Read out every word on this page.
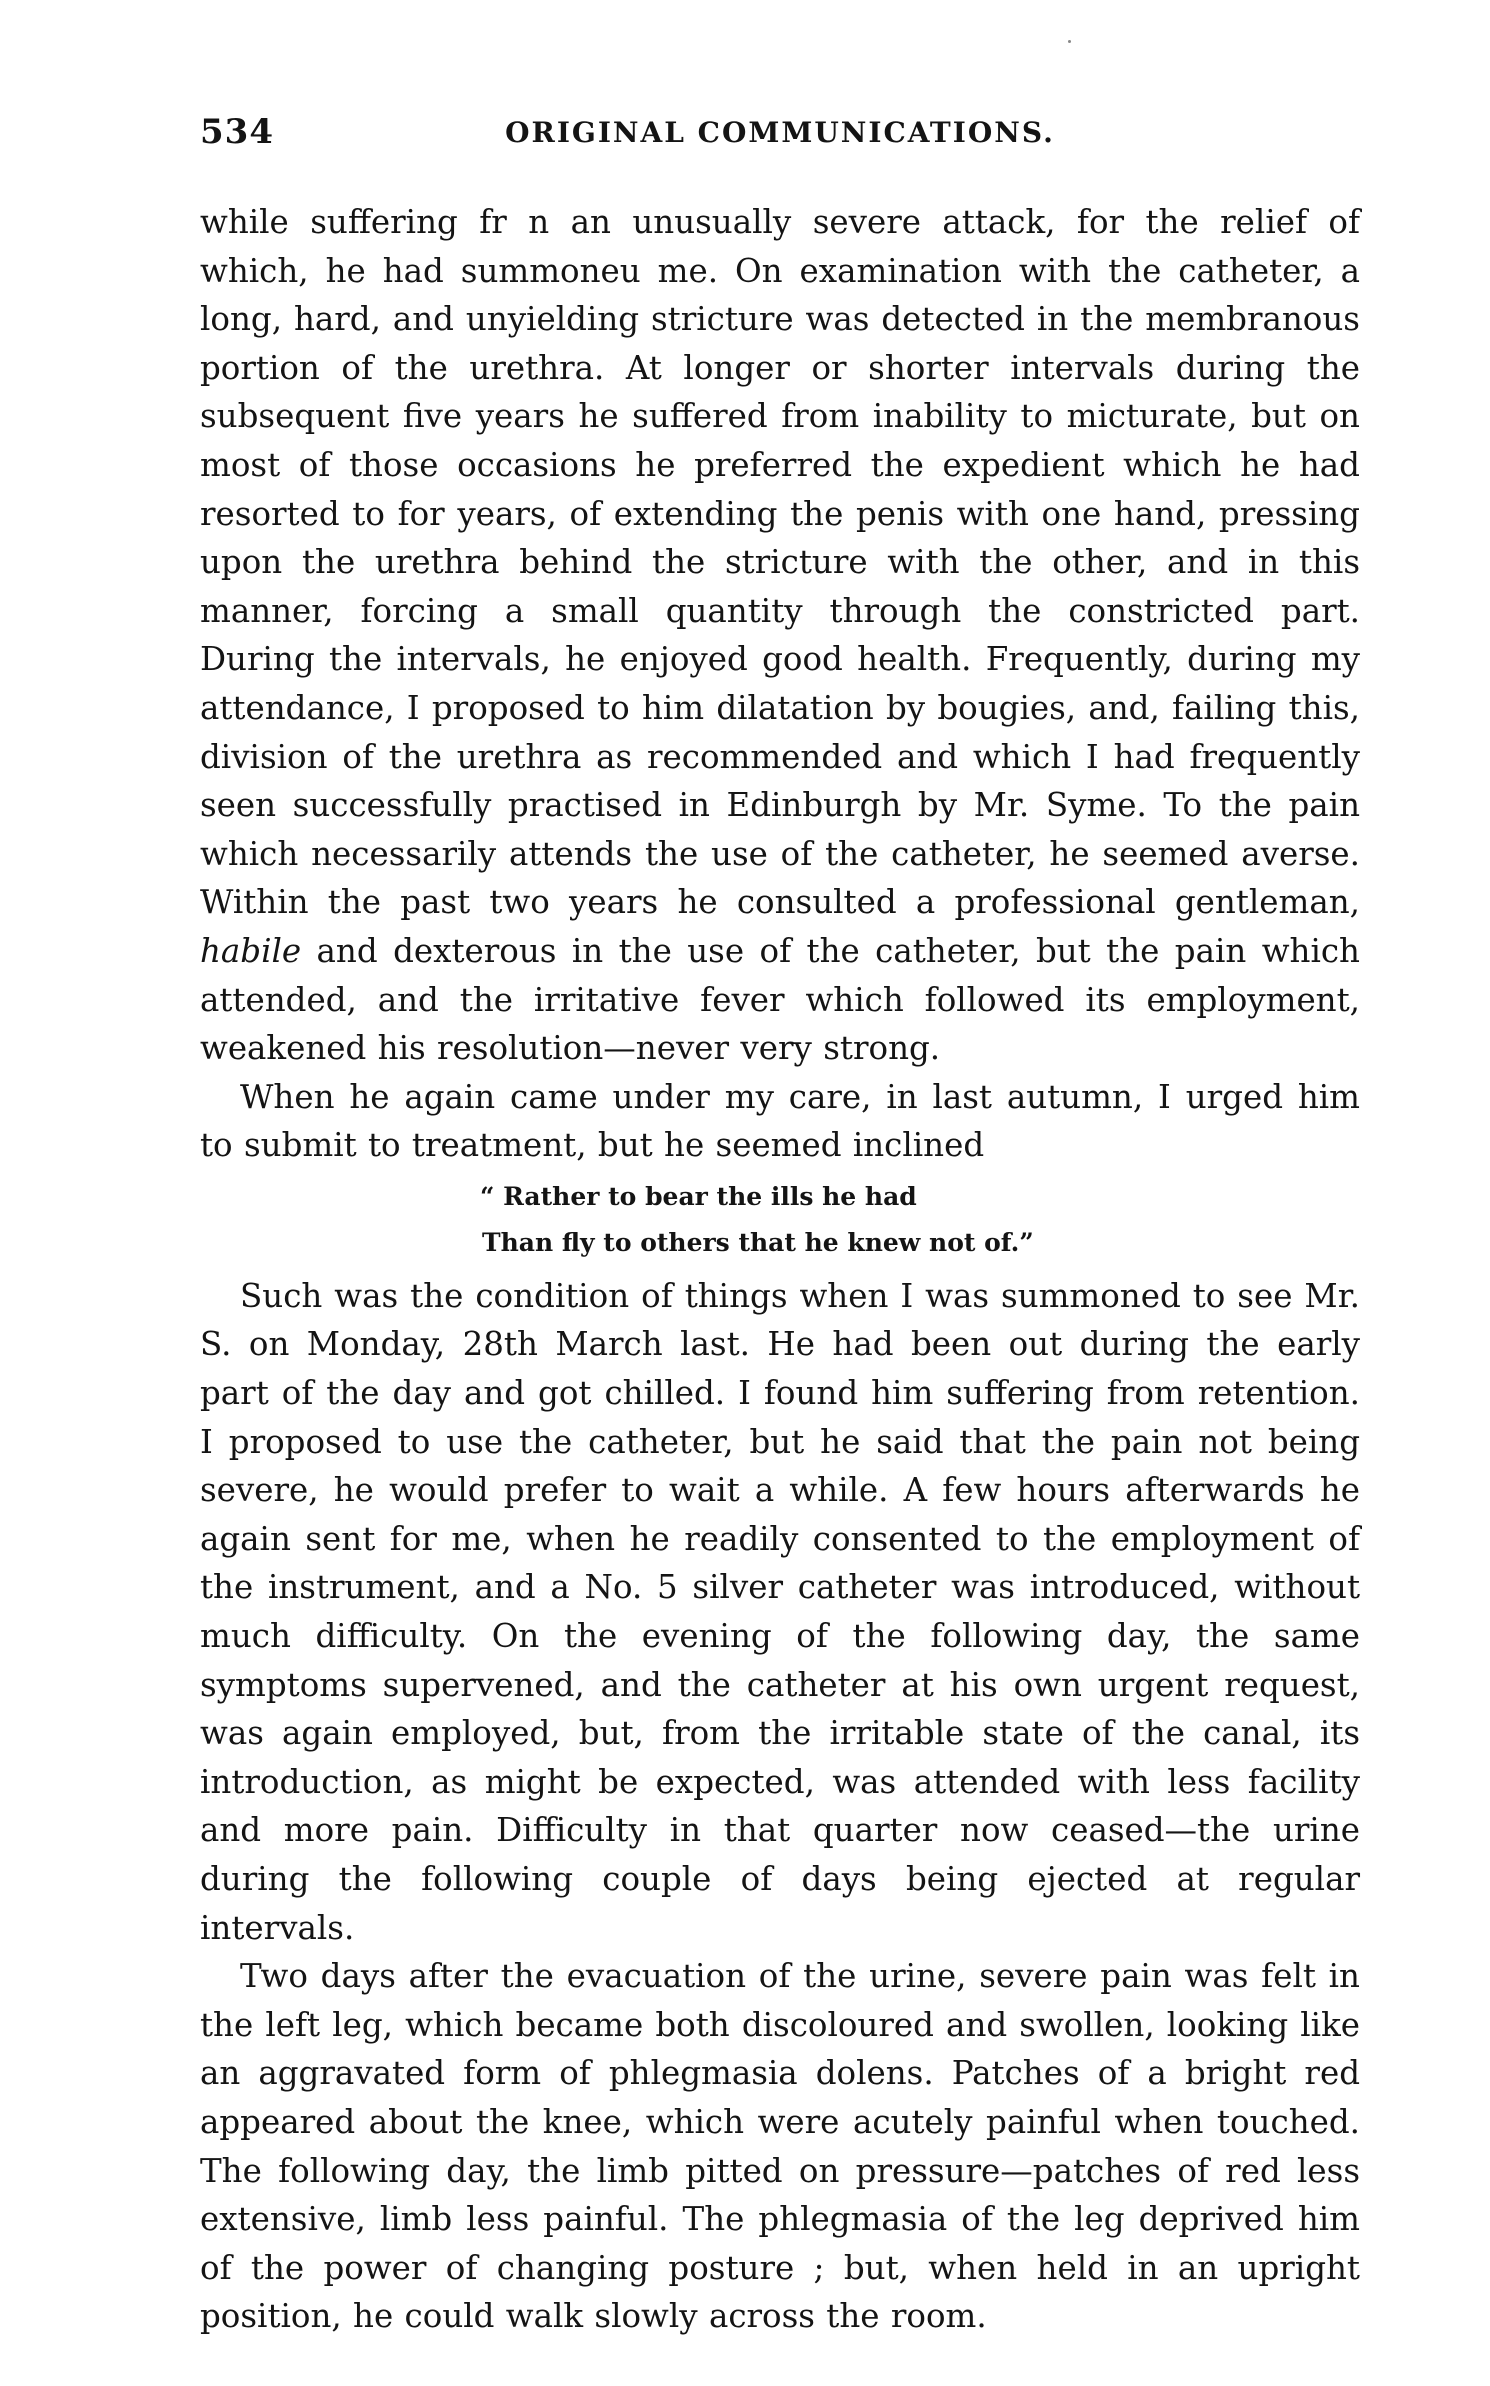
534	ORIGINAL COMMUNICATIONS.

while suffering fr n an unusually severe attack, for the relief of which, he had summoneu me. On examination with the catheter, a long, hard, and unyielding stricture was detected in the membranous portion of the urethra. At longer or shorter intervals during the subsequent five years he suffered from inability to micturate, but on most of those occasions he preferred the expedient which he had resorted to for years, of extending the penis with one hand, pressing upon the urethra behind the stricture with the other, and in this manner, forcing a small quantity through the constricted part. During the intervals, he enjoyed good health. Frequently, during my attendance, I proposed to him dilatation by bougies, and, failing this, division of the urethra as recommended and which I had frequently seen successfully practised in Edinburgh by Mr. Syme. To the pain which necessarily attends the use of the catheter, he seemed averse. Within the past two years he consulted a professional gentleman, habile and dexterous in the use of the catheter, but the pain which attended, and the irritative fever which followed its employment, weakened his resolution—never very strong.

When he again came under my care, in last autumn, I urged him to submit to treatment, but he seemed inclined

“ Rather to bear the ills he had
Than fly to others that he knew not of.”

Such was the condition of things when I was summoned to see Mr. S. on Monday, 28th March last. He had been out during the early part of the day and got chilled. I found him suffering from retention. I proposed to use the catheter, but he said that the pain not being severe, he would prefer to wait a while. A few hours afterwards he again sent for me, when he readily consented to the employment of the instrument, and a No. 5 silver catheter was introduced, without much difficulty. On the evening of the following day, the same symptoms supervened, and the catheter at his own urgent request, was again employed, but, from the irritable state of the canal, its introduction, as might be expected, was attended with less facility and more pain. Difficulty in that quarter now ceased—the urine during the following couple of days being ejected at regular intervals.

Two days after the evacuation of the urine, severe pain was felt in the left leg, which became both discoloured and swollen, looking like an aggravated form of phlegmasia dolens. Patches of a bright red appeared about the knee, which were acutely painful when touched. The following day, the limb pitted on pressure—patches of red less extensive, limb less painful. The phlegmasia of the leg deprived him of the power of changing posture ; but, when held in an upright position, he could walk slowly across the room.
